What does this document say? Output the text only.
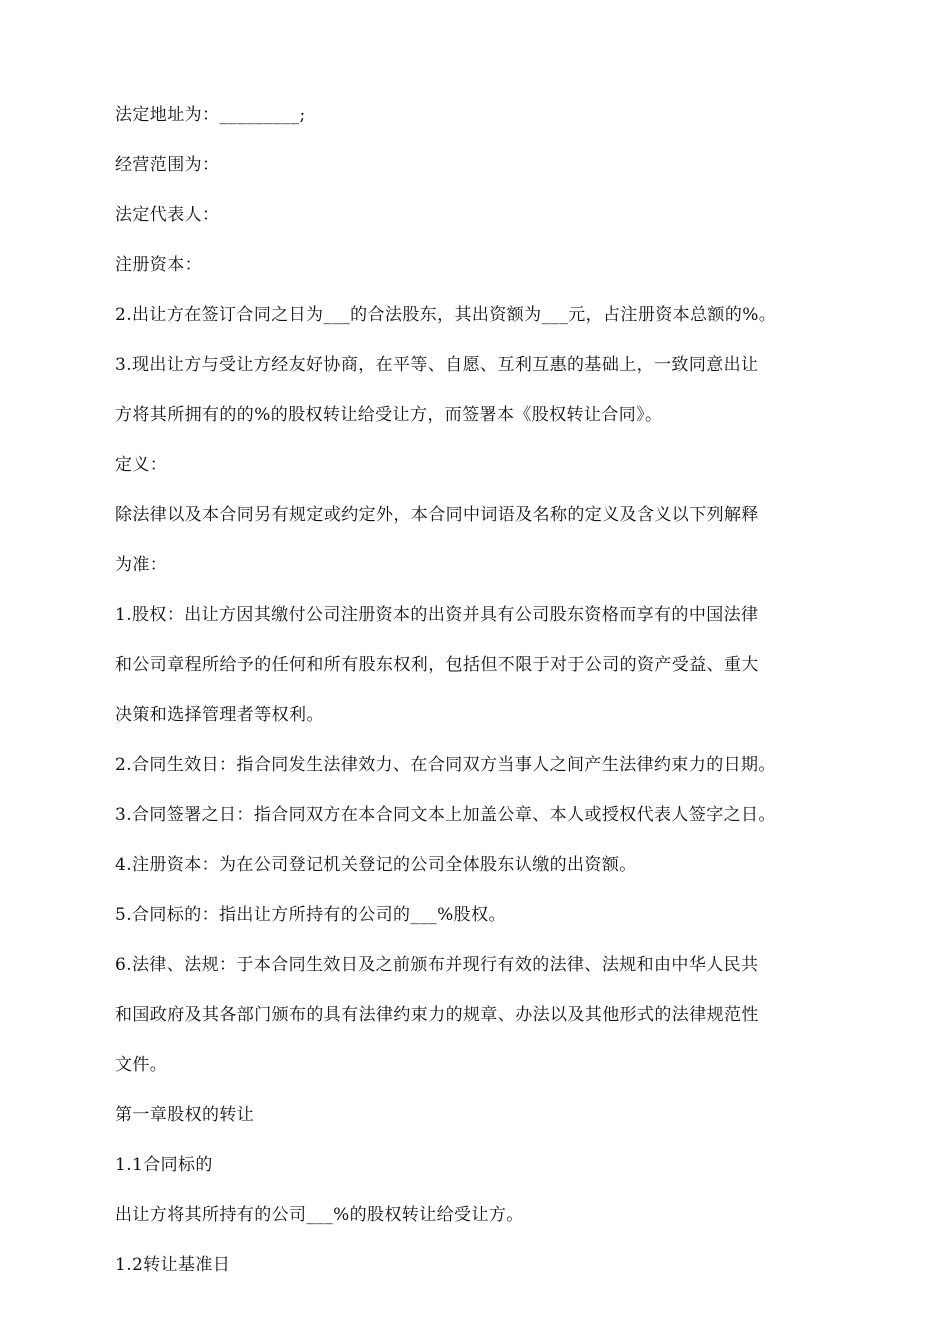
法定地址为：_________;

经营范围为：

法定代表人：

注册资本：

2.出让方在签订合同之日为___的合法股东，其出资额为___元，占注册资本总额的%。

3.现出让方与受让方经友好协商，在平等、自愿、互利互惠的基础上，一致同意出让

方将其所拥有的的%的股权转让给受让方，而签署本《股权转让合同》。

定义：

除法律以及本合同另有规定或约定外，本合同中词语及名称的定义及含义以下列解释

为准：

1.股权：出让方因其缴付公司注册资本的出资并具有公司股东资格而享有的中国法律

和公司章程所给予的任何和所有股东权利，包括但不限于对于公司的资产受益、重大

决策和选择管理者等权利。

2.合同生效日：指合同发生法律效力、在合同双方当事人之间产生法律约束力的日期。

3.合同签署之日：指合同双方在本合同文本上加盖公章、本人或授权代表人签字之日。

4.注册资本：为在公司登记机关登记的公司全体股东认缴的出资额。

5.合同标的：指出让方所持有的公司的___%股权。

6.法律、法规：于本合同生效日及之前颁布并现行有效的法律、法规和由中华人民共

和国政府及其各部门颁布的具有法律约束力的规章、办法以及其他形式的法律规范性

文件。

第一章股权的转让

1.1合同标的

出让方将其所持有的公司___%的股权转让给受让方。

1.2转让基准日
